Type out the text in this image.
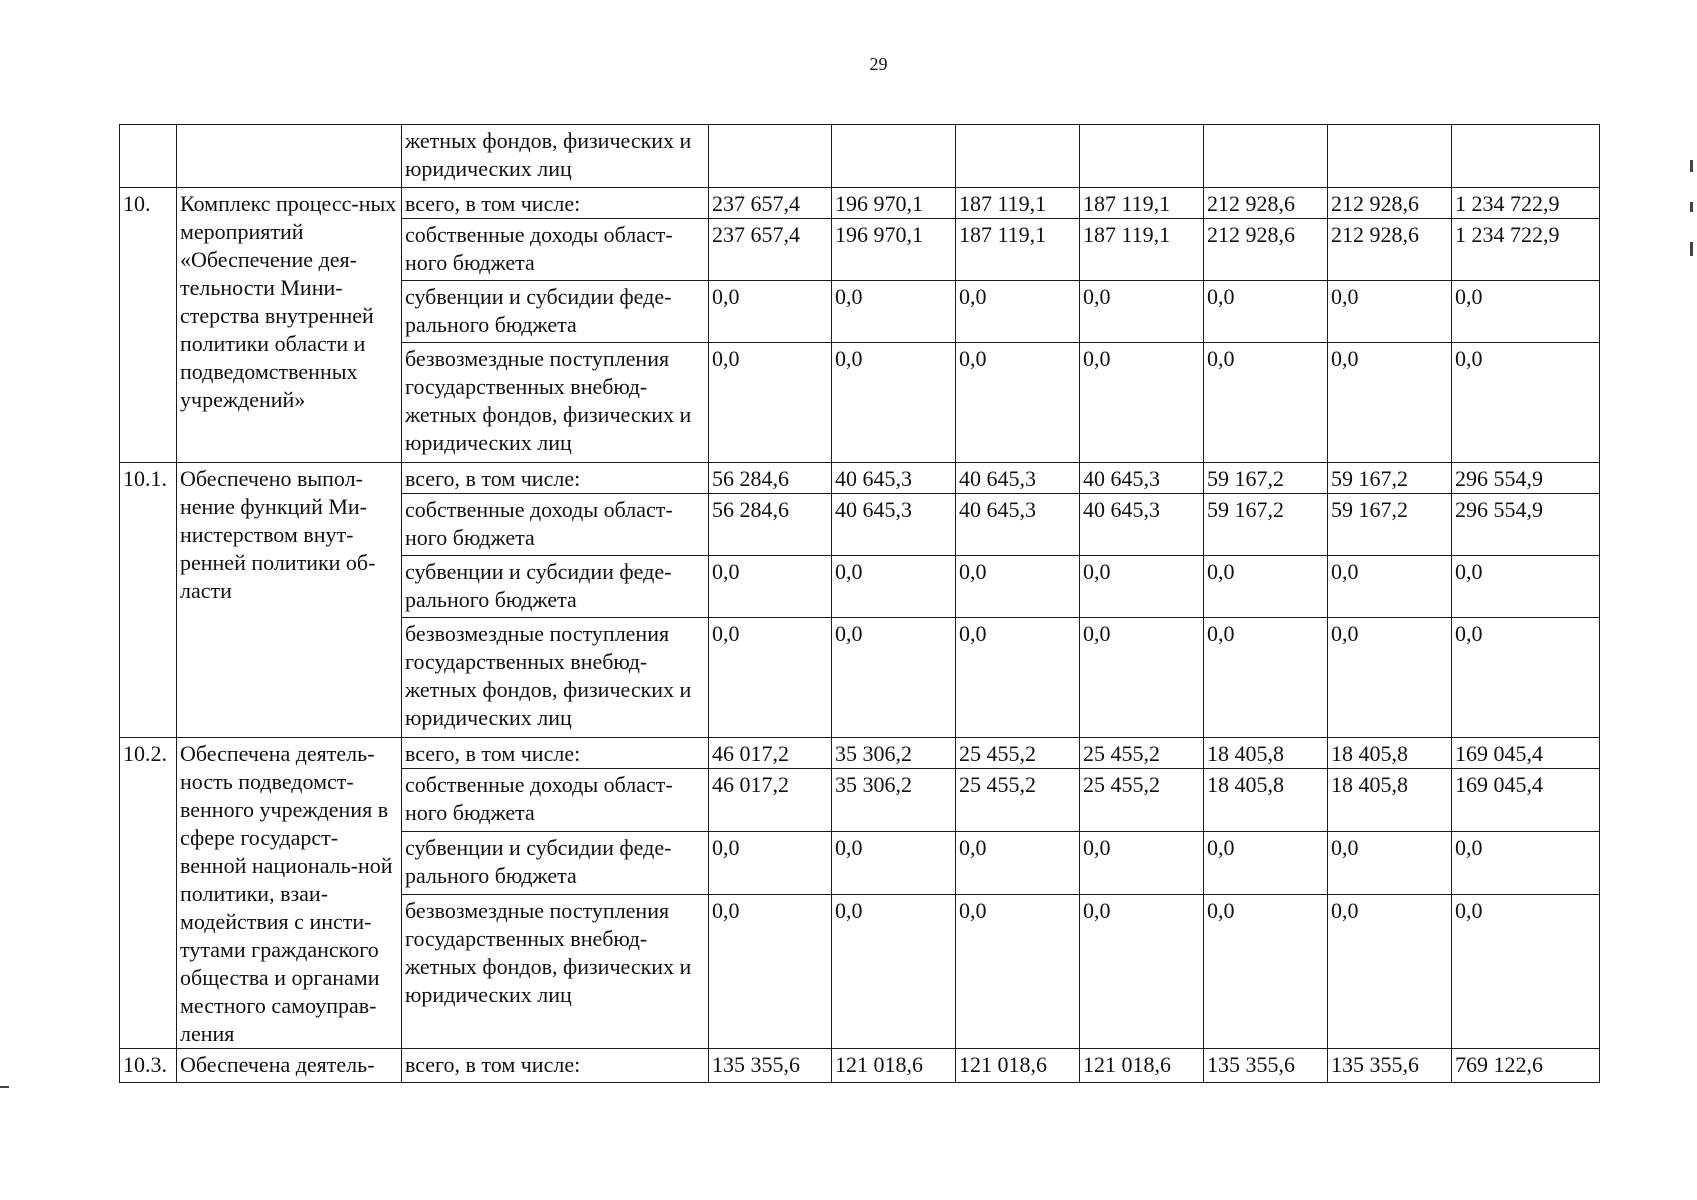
29
		жетных фондов, физических и юридических лиц							
10.	Комплекс процесс-ных мероприятий «Обеспечение дея-тельности Мини-стерства внутренней политики области и подведомственных учреждений»	всего, в том числе:	237 657,4	196 970,1	187 119,1	187 119,1	212 928,6	212 928,6	1 234 722,9
		собственные доходы област-ного бюджета	237 657,4	196 970,1	187 119,1	187 119,1	212 928,6	212 928,6	1 234 722,9
		субвенции и субсидии феде-рального бюджета	0,0	0,0	0,0	0,0	0,0	0,0	0,0
		безвозмездные поступления государственных внебюд-жетных фондов, физических и юридических лиц	0,0	0,0	0,0	0,0	0,0	0,0	0,0
10.1.	Обеспечено выпол-нение функций Ми-нистерством внут-ренней политики об-ласти	всего, в том числе:	56 284,6	40 645,3	40 645,3	40 645,3	59 167,2	59 167,2	296 554,9
		собственные доходы област-ного бюджета	56 284,6	40 645,3	40 645,3	40 645,3	59 167,2	59 167,2	296 554,9
		субвенции и субсидии феде-рального бюджета	0,0	0,0	0,0	0,0	0,0	0,0	0,0
		безвозмездные поступления государственных внебюд-жетных фондов, физических и юридических лиц	0,0	0,0	0,0	0,0	0,0	0,0	0,0
10.2.	Обеспечена деятель-ность подведомст-венного учреждения в сфере государст-венной националь-ной политики, взаи-модействия с инсти-тутами гражданского общества и органами местного самоуправ-ления	всего, в том числе:	46 017,2	35 306,2	25 455,2	25 455,2	18 405,8	18 405,8	169 045,4
		собственные доходы област-ного бюджета	46 017,2	35 306,2	25 455,2	25 455,2	18 405,8	18 405,8	169 045,4
		субвенции и субсидии феде-рального бюджета	0,0	0,0	0,0	0,0	0,0	0,0	0,0
		безвозмездные поступления государственных внебюд-жетных фондов, физических и юридических лиц	0,0	0,0	0,0	0,0	0,0	0,0	0,0
10.3.	Обеспечена деятель-	всего, в том числе:	135 355,6	121 018,6	121 018,6	121 018,6	135 355,6	135 355,6	769 122,6
